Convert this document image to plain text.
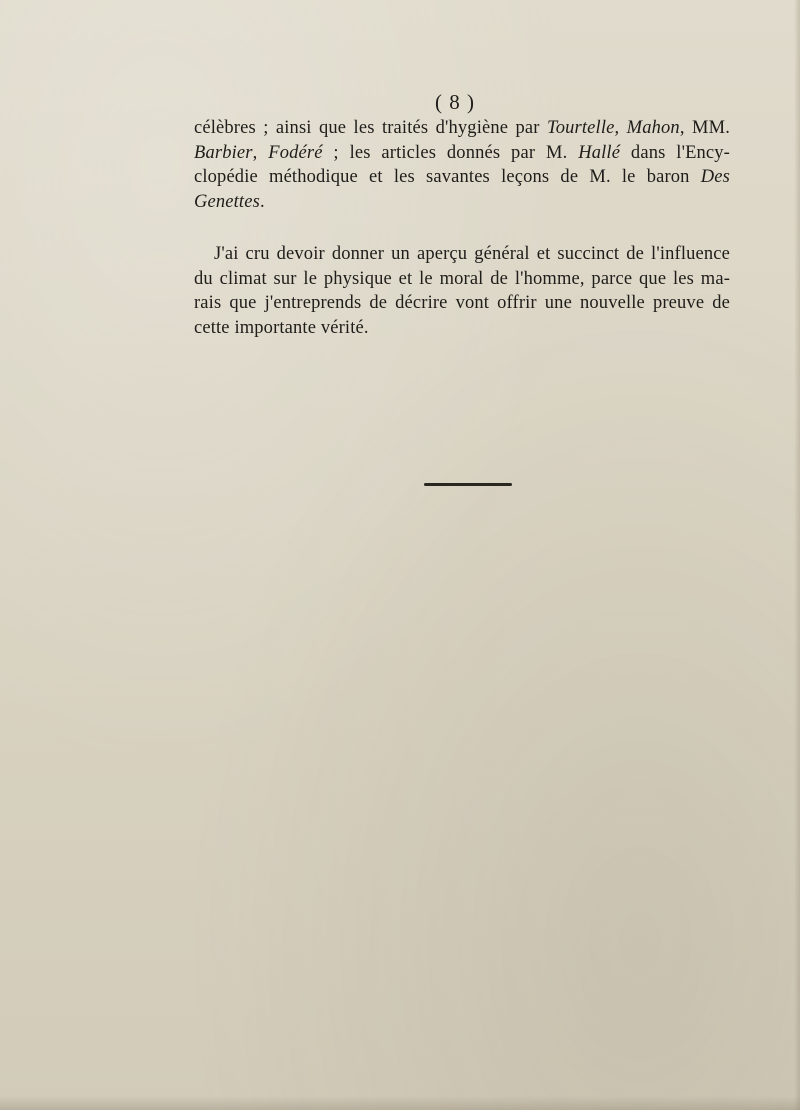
( 8 )

célèbres ; ainsi que les traités d'hygiène par Tourtelle, Mahon, MM. Barbier, Fodéré ; les articles donnés par M. Hallé dans l'Ency-clopédie méthodique et les savantes leçons de M. le baron Des Genettes.

J'ai cru devoir donner un aperçu général et succinct de l'influence du climat sur le physique et le moral de l'homme, parce que les ma-rais que j'entreprends de décrire vont offrir une nouvelle preuve de cette importante vérité.
